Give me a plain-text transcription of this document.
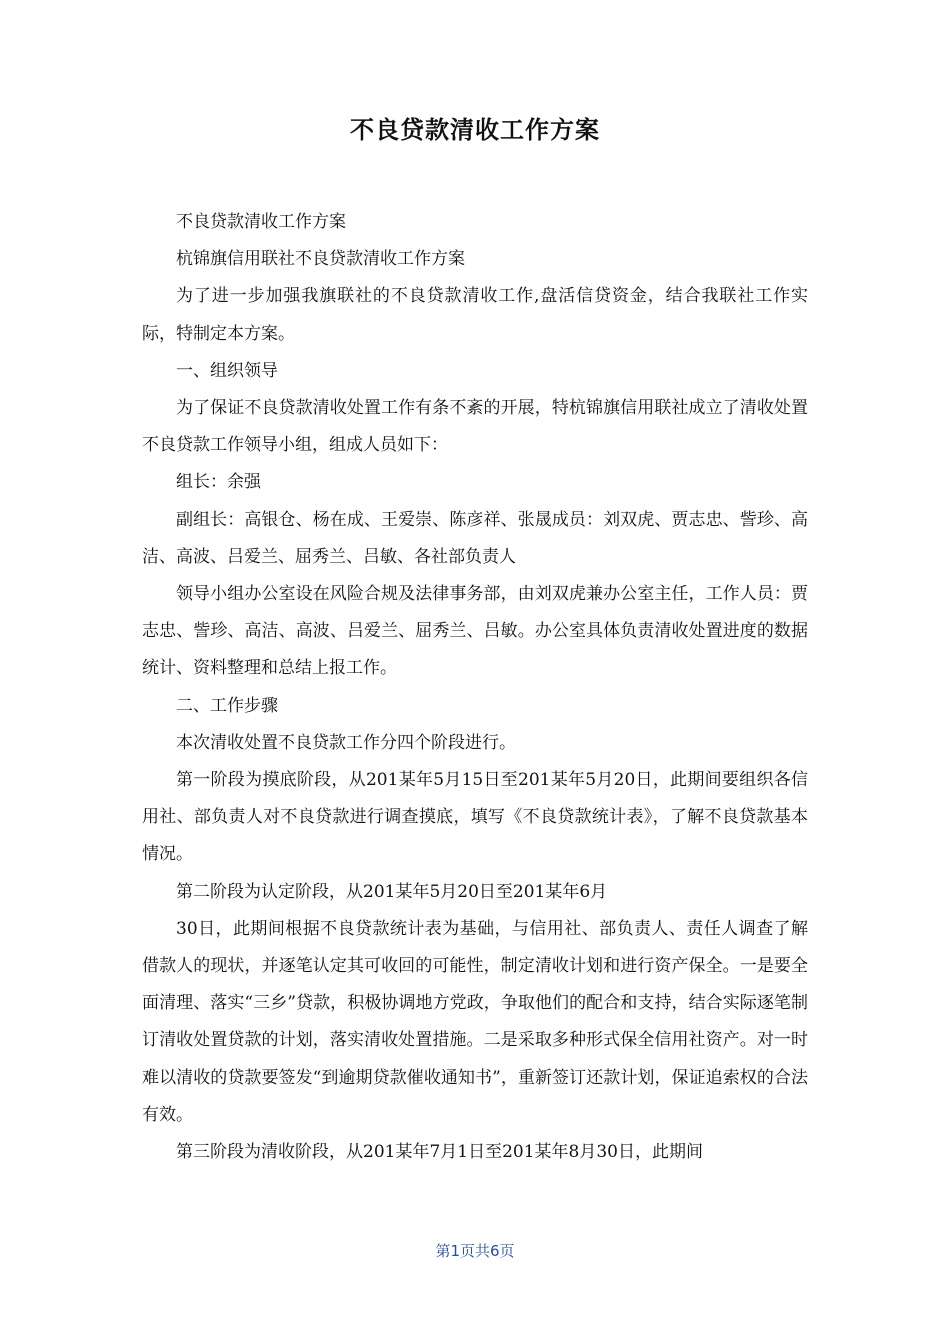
不良贷款清收工作方案

不良贷款清收工作方案

杭锦旗信用联社不良贷款清收工作方案

为了进一步加强我旗联社的不良贷款清收工作,盘活信贷资金，结合我联社工作实际，特制定本方案。

一、组织领导

为了保证不良贷款清收处置工作有条不紊的开展，特杭锦旗信用联社成立了清收处置不良贷款工作领导小组，组成人员如下：

组长：余强

副组长：高银仓、杨在成、王爱崇、陈彦祥、张晟成员：刘双虎、贾志忠、訾珍、高洁、高波、吕爱兰、屈秀兰、吕敏、各社部负责人

领导小组办公室设在风险合规及法律事务部，由刘双虎兼办公室主任，工作人员：贾志忠、訾珍、高洁、高波、吕爱兰、屈秀兰、吕敏。办公室具体负责清收处置进度的数据统计、资料整理和总结上报工作。

二、工作步骤

本次清收处置不良贷款工作分四个阶段进行。

第一阶段为摸底阶段，从201某年5月15日至201某年5月20日，此期间要组织各信用社、部负责人对不良贷款进行调查摸底，填写《不良贷款统计表》，了解不良贷款基本情况。

第二阶段为认定阶段，从201某年5月20日至201某年6月

30日，此期间根据不良贷款统计表为基础，与信用社、部负责人、责任人调查了解借款人的现状，并逐笔认定其可收回的可能性，制定清收计划和进行资产保全。一是要全面清理、落实“三乡”贷款，积极协调地方党政，争取他们的配合和支持，结合实际逐笔制订清收处置贷款的计划，落实清收处置措施。二是采取多种形式保全信用社资产。对一时难以清收的贷款要签发“到逾期贷款催收通知书”，重新签订还款计划，保证追索权的合法有效。

第三阶段为清收阶段，从201某年7月1日至201某年8月30日，此期间

第1页共6页
